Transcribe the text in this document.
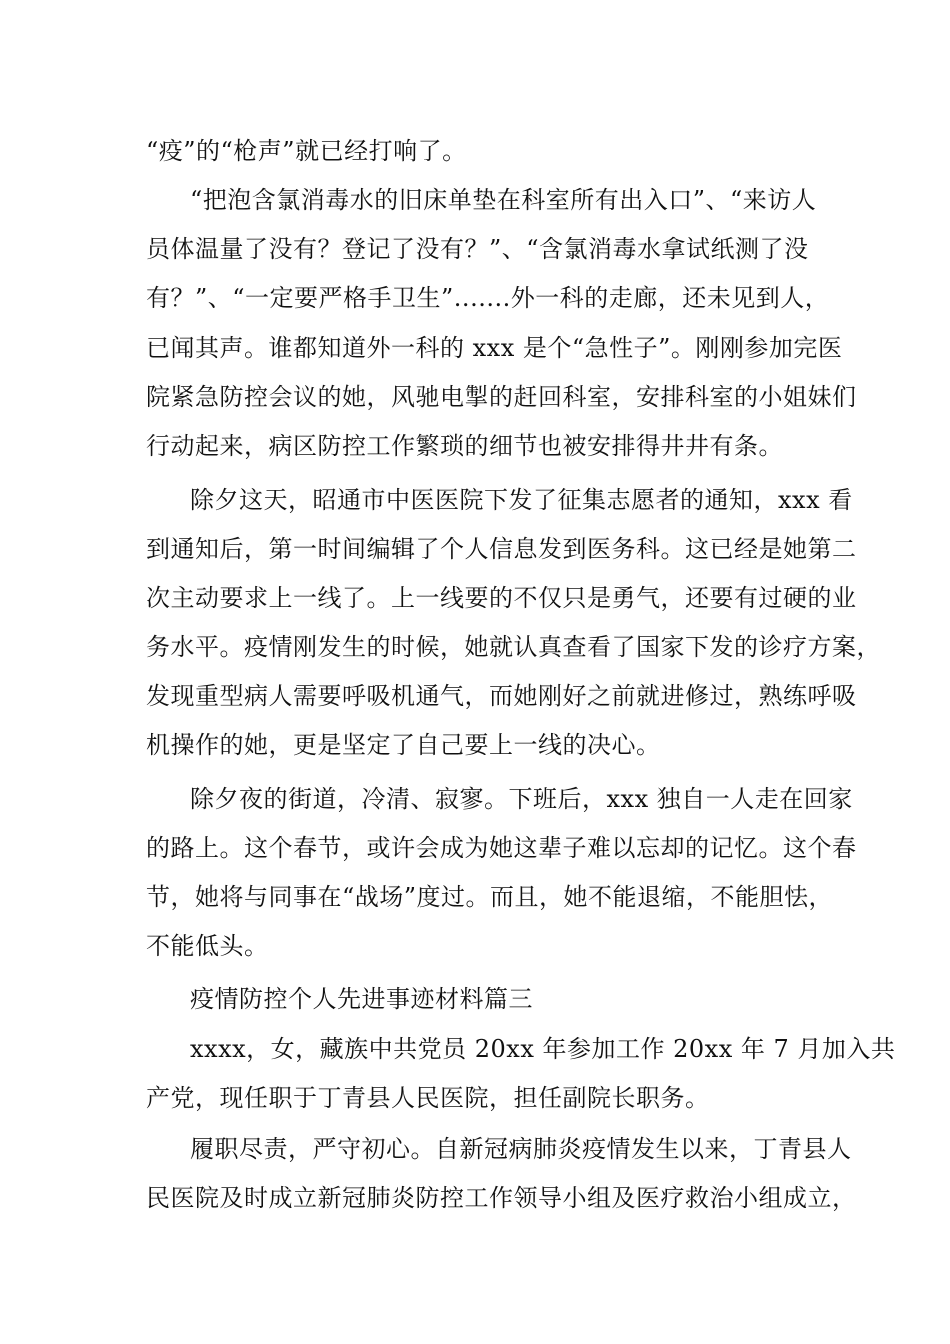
“疫”的“枪声”就已经打响了。
“把泡含氯消毒水的旧床单垫在科室所有出入口”、“来访人
员体温量了没有？登记了没有？”、“含氯消毒水拿试纸测了没
有？”、“一定要严格手卫生”.......外一科的走廊，还未见到人，
已闻其声。谁都知道外一科的 xxx 是个“急性子”。刚刚参加完医
院紧急防控会议的她，风驰电掣的赶回科室，安排科室的小姐妹们
行动起来，病区防控工作繁琐的细节也被安排得井井有条。
除夕这天，昭通市中医医院下发了征集志愿者的通知，xxx 看
到通知后，第一时间编辑了个人信息发到医务科。这已经是她第二
次主动要求上一线了。上一线要的不仅只是勇气，还要有过硬的业
务水平。疫情刚发生的时候，她就认真查看了国家下发的诊疗方案，
发现重型病人需要呼吸机通气，而她刚好之前就进修过，熟练呼吸
机操作的她，更是坚定了自己要上一线的决心。
除夕夜的街道，冷清、寂寥。下班后，xxx 独自一人走在回家
的路上。这个春节，或许会成为她这辈子难以忘却的记忆。这个春
节，她将与同事在“战场”度过。而且，她不能退缩，不能胆怯，
不能低头。
疫情防控个人先进事迹材料篇三
xxxx，女，藏族中共党员 20xx 年参加工作 20xx 年 7 月加入共
产党，现任职于丁青县人民医院，担任副院长职务。
履职尽责，严守初心。自新冠病肺炎疫情发生以来，丁青县人
民医院及时成立新冠肺炎防控工作领导小组及医疗救治小组成立，
